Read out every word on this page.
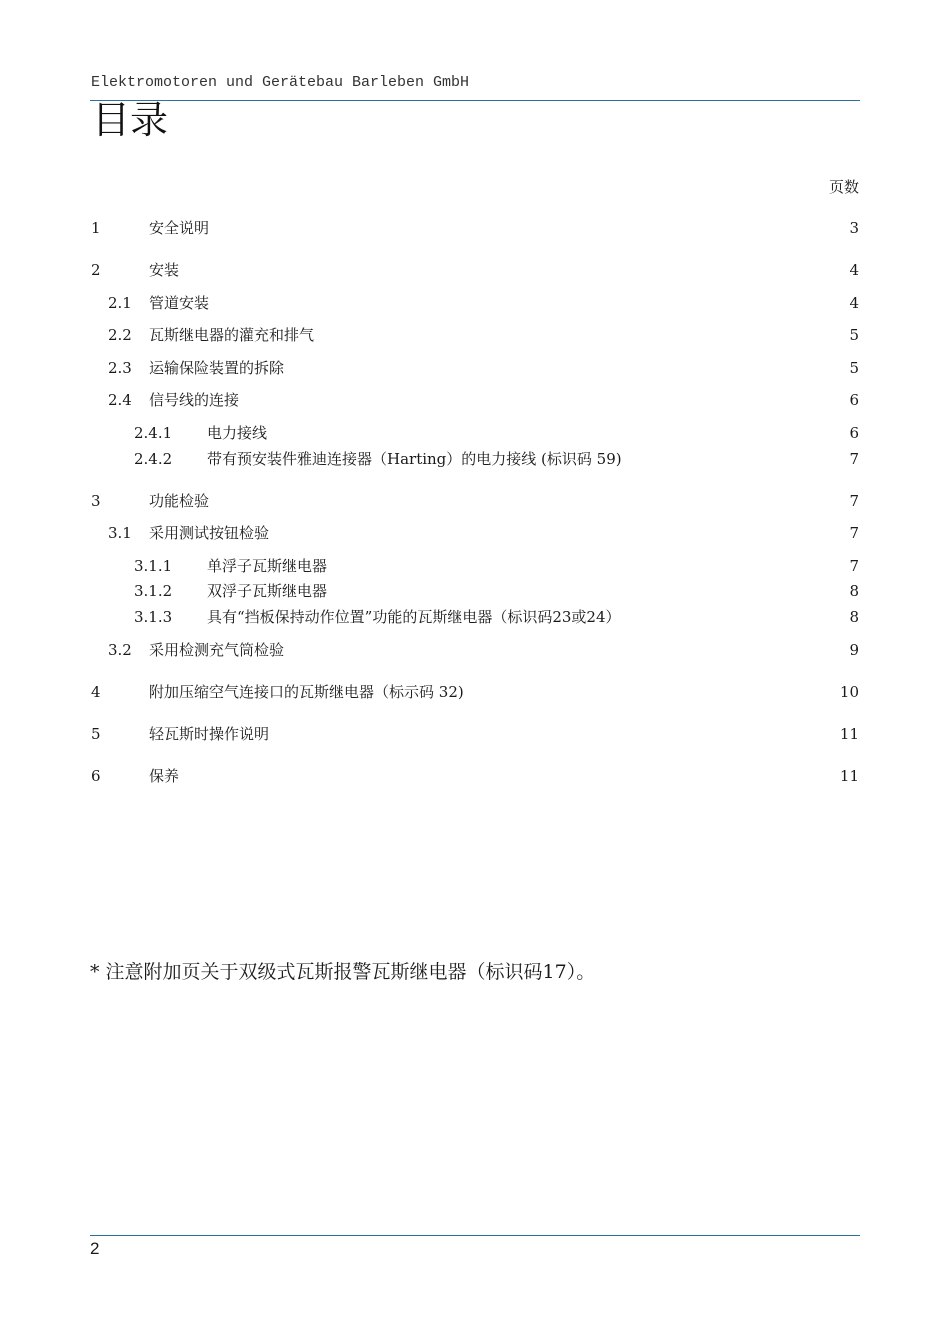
Elektromotoren und Gerätebau Barleben GmbH
目录
页数
1	安全说明	3
2	安装	4
2.1 管道安装	4
2.2 瓦斯继电器的灌充和排气	5
2.3 运输保险装置的拆除	5
2.4 信号线的连接	6
2.4.1 电力接线	6
2.4.2 带有预安装件雅迪连接器（Harting）的电力接线 (标识码 59)	7
3	功能检验	7
3.1 采用测试按钮检验	7
3.1.1 单浮子瓦斯继电器	7
3.1.2 双浮子瓦斯继电器	8
3.1.3 具有“挡板保持动作位置”功能的瓦斯继电器（标识码23或24）	8
3.2 采用检测充气筒检验	9
4	附加压缩空气连接口的瓦斯继电器（标示码 32)	10
5	轻瓦斯时操作说明	11
6	保养	11
* 注意附加页关于双级式瓦斯报警瓦斯继电器（标识码17）。
2
